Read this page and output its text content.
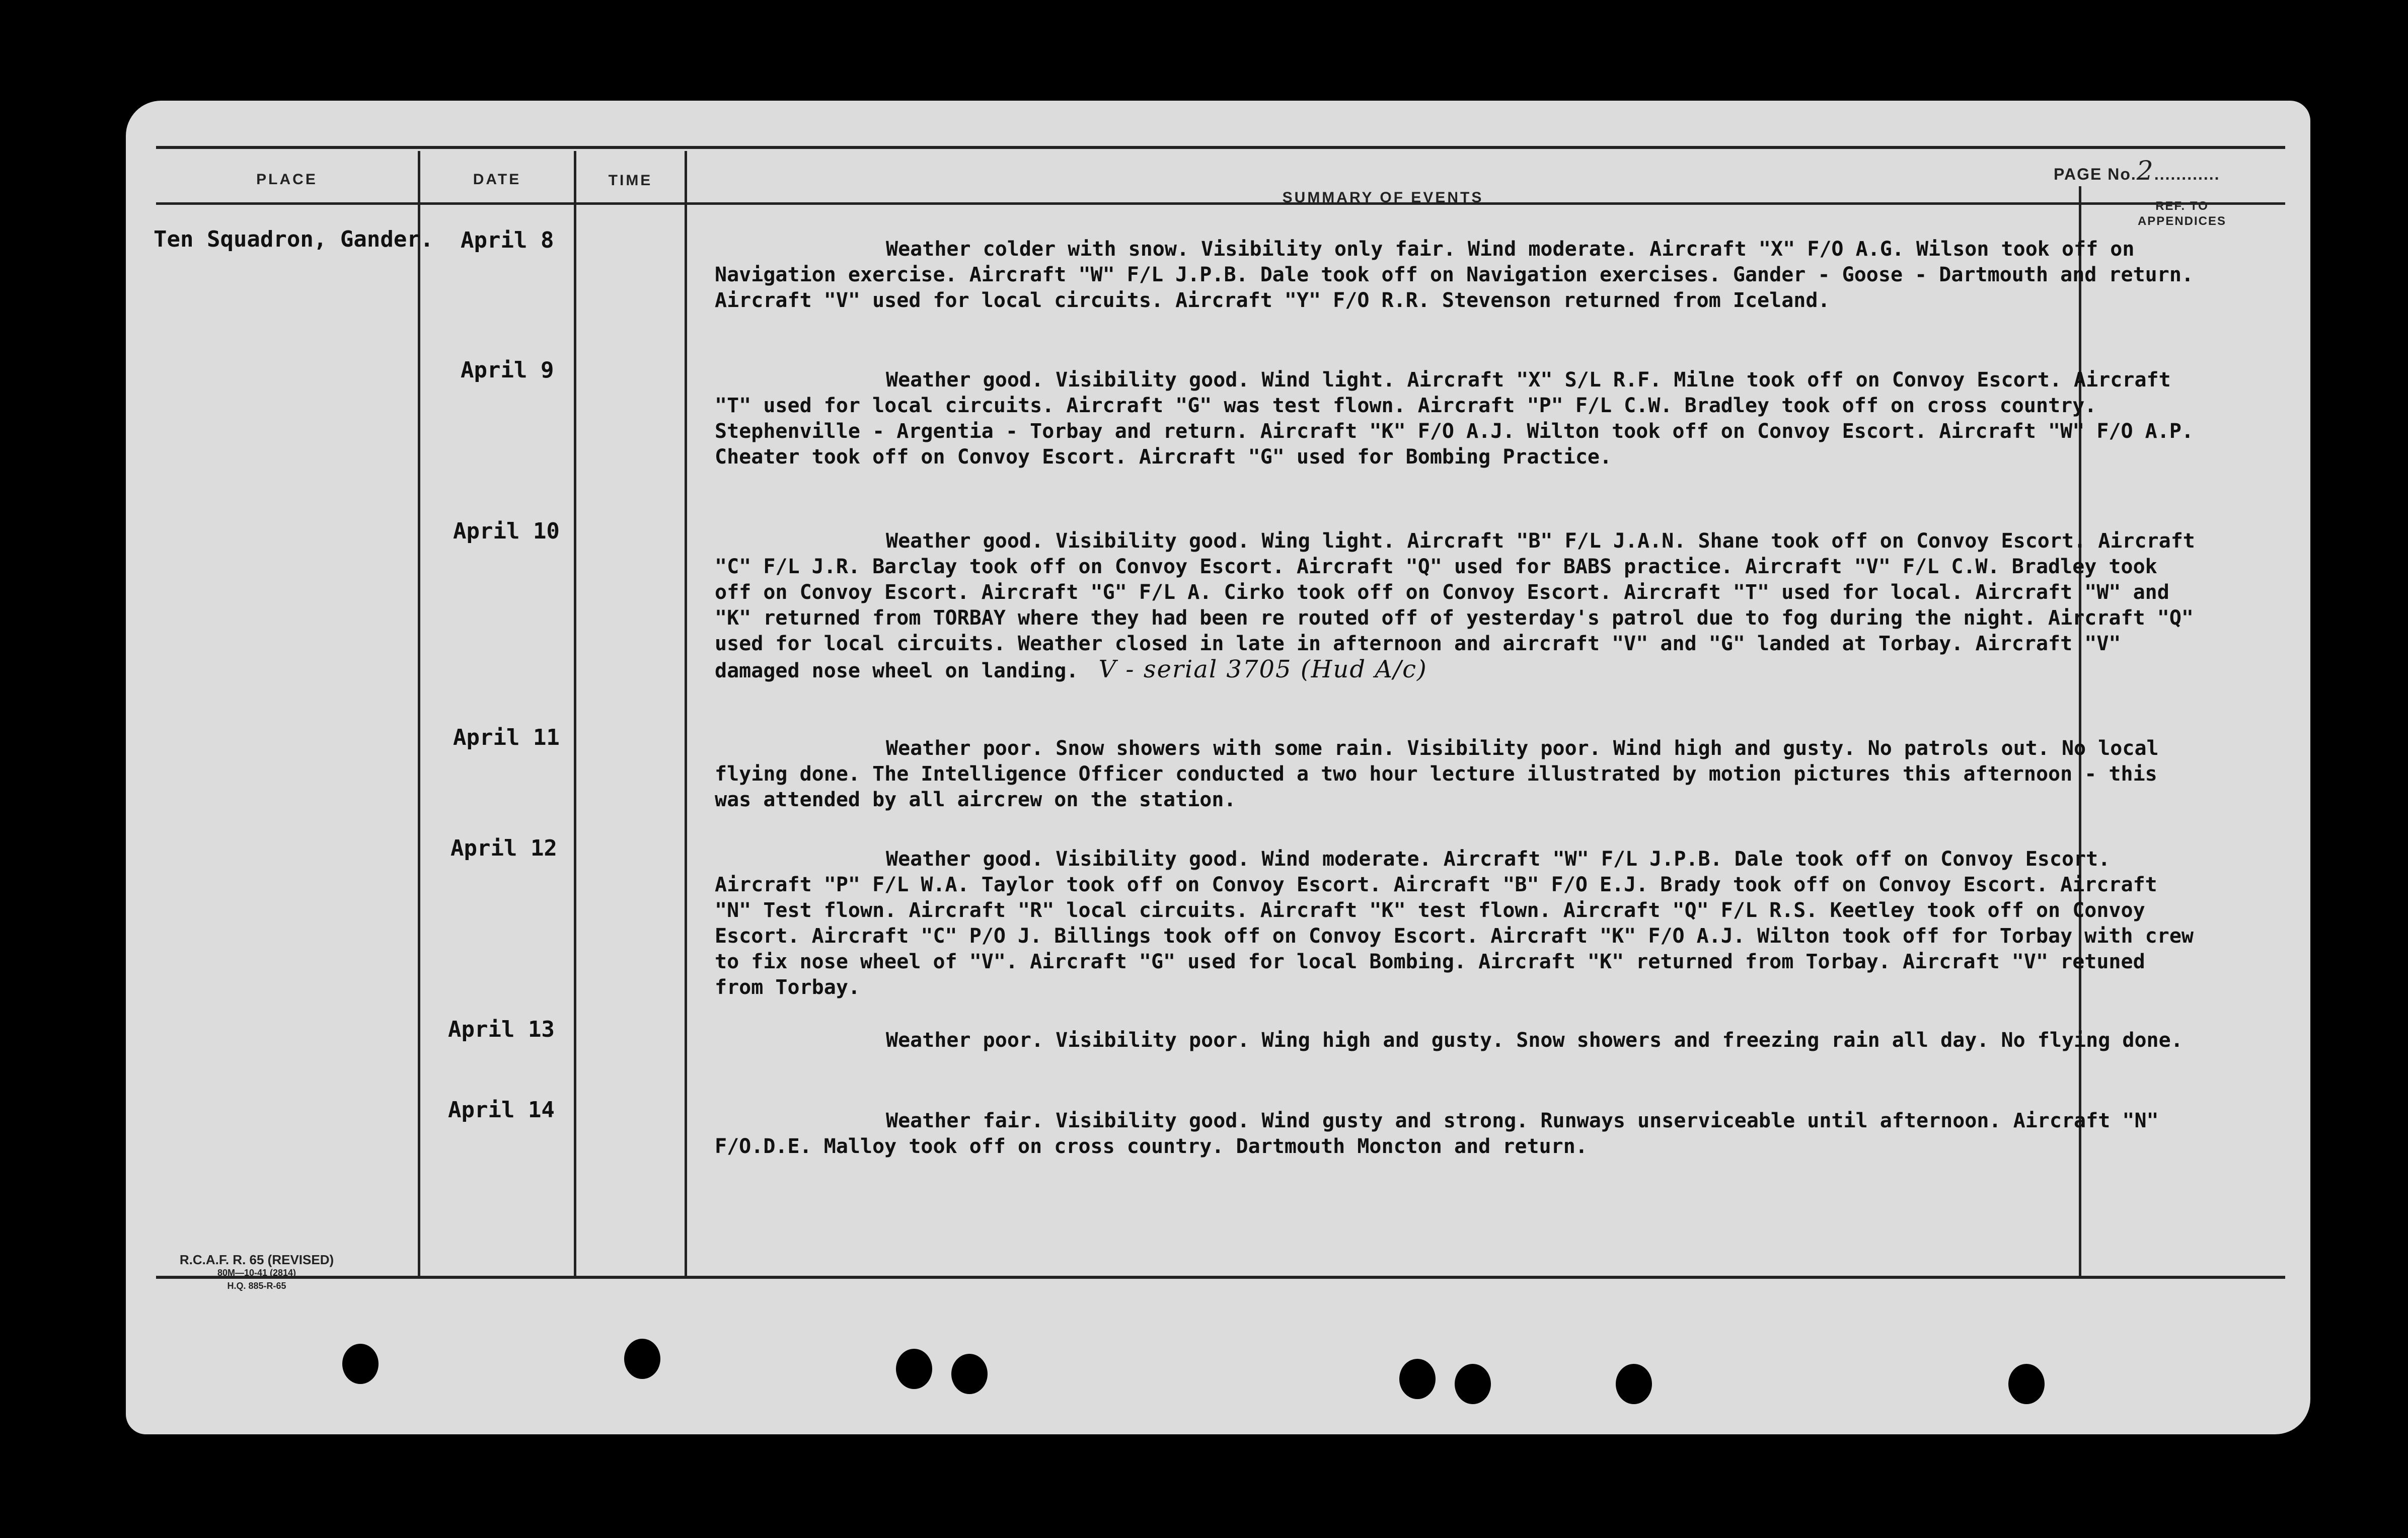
PLACE	DATE	TIME
SUMMARY OF EVENTS
REF. TO
APPENDICES
PAGE No.2............
Ten Squadron, Gander. April 8
April 9
April 10
April 11
April 12
April 13
April 14

Weather colder with snow. Visibility only fair. Wind moderate. Aircraft "X" F/O A.G. Wilson took off on Navigation exercise. Aircraft "W" F/L J.P.B. Dale took off on Navigation exercises. Gander - Goose - Dartmouth and return. Aircraft "V" used for local circuits. Aircraft "Y" F/O R.R. Stevenson returned from Iceland.

Weather good. Visibility good. Wind light. Aircraft "X" S/L R.F. Milne took off on Convoy Escort. Aircraft "T" used for local circuits. Aircraft "G" was test flown. Aircraft "P" F/L C.W. Bradley took off on cross country. Stephenville - Argentia - Torbay and return. Aircraft "K" F/O A.J. Wilton took off on Convoy Escort. Aircraft "W" F/O A.P. Cheater took off on Convoy Escort. Aircraft "G" used for Bombing Practice.

Weather good. Visibility good. Wing light. Aircraft "B" F/L J.A.N. Shane took off on Convoy Escort. Aircraft "C" F/L J.R. Barclay took off on Convoy Escort. Aircraft "Q" used for BABS practice. Aircraft "V" F/L C.W. Bradley took off on Convoy Escort. Aircraft "G" F/L A. Cirko took off on Convoy Escort. Aircraft "T" used for local. Aircraft "W" and "K" returned from TORBAY where they had been re routed off of yesterday's patrol due to fog during the night. Aircraft "Q" used for local circuits. Weather closed in late in afternoon and aircraft "V" and "G" landed at Torbay. Aircraft "V" damaged nose wheel on landing. V - serial 3705 (Hud A/c)

Weather poor. Snow showers with some rain. Visibility poor. Wind high and gusty. No patrols out. No local flying done. The Intelligence Officer conducted a two hour lecture illustrated by motion pictures this afternoon - this was attended by all aircrew on the station.

Weather good. Visibility good. Wind moderate. Aircraft "W" F/L J.P.B. Dale took off on Convoy Escort. Aircraft "P" F/L W.A. Taylor took off on Convoy Escort. Aircraft "B" F/O E.J. Brady took off on Convoy Escort. Aircraft "N" Test flown. Aircraft "R" local circuits. Aircraft "K" test flown. Aircraft "Q" F/L R.S. Keetley took off on Convoy Escort. Aircraft "C" P/O J. Billings took off on Convoy Escort. Aircraft "K" F/O A.J. Wilton took off for Torbay with crew to fix nose wheel of "V". Aircraft "G" used for local Bombing. Aircraft "K" returned from Torbay. Aircraft "V" retuned from Torbay.

Weather poor. Visibility poor. Wing high and gusty. Snow showers and freezing rain all day. No flying done.

Weather fair. Visibility good. Wind gusty and strong. Runways unserviceable until afternoon. Aircraft "N" F/O.D.E. Malloy took off on cross country. Dartmouth Moncton and return.

R.C.A.F. R. 65 (REVISED)
80M—10-41 (2814)
H.Q. 885-R-65
